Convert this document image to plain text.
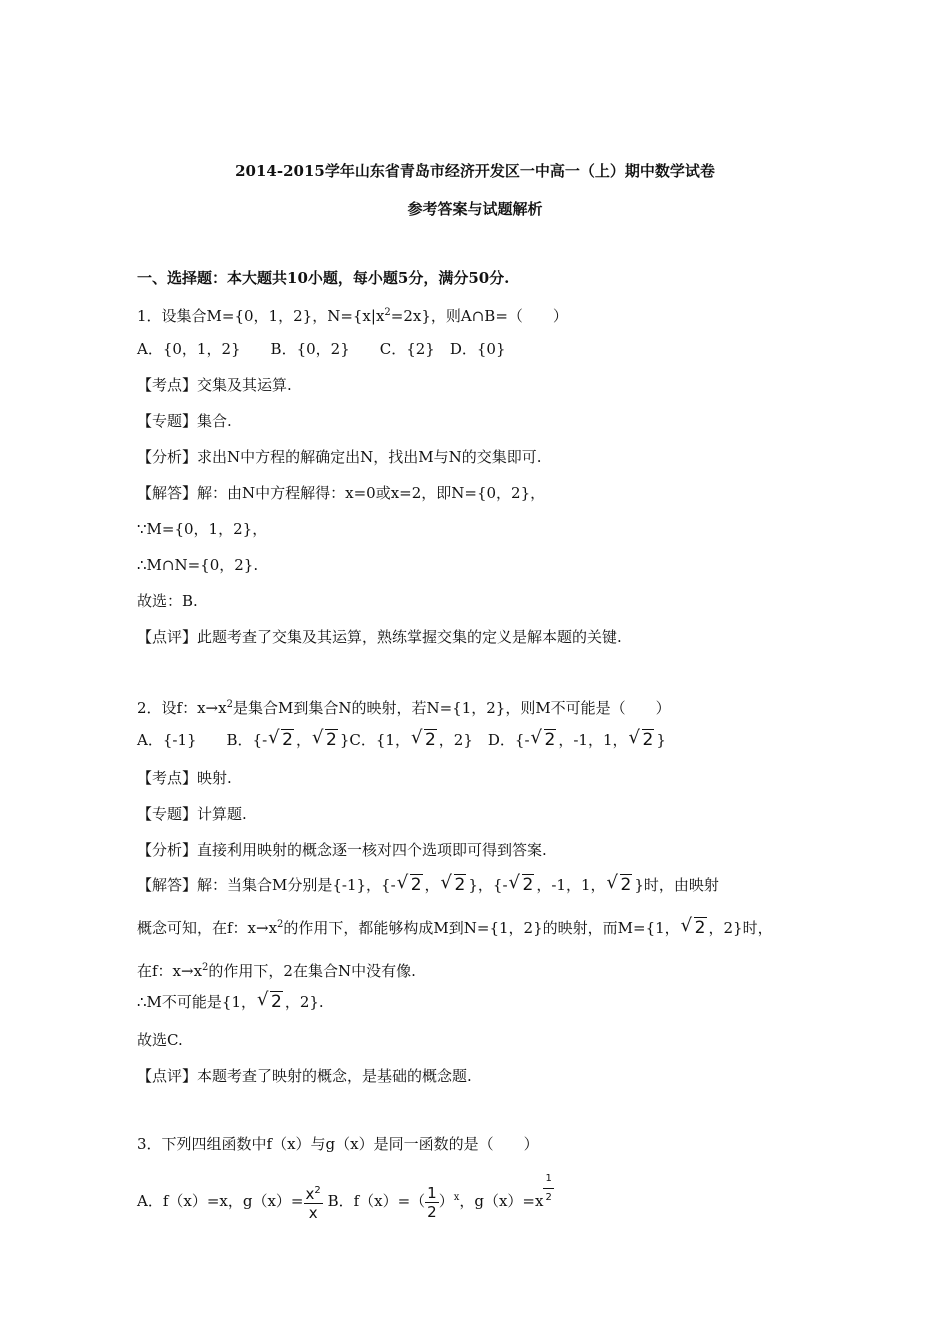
2014-2015学年山东省青岛市经济开发区一中高一（上）期中数学试卷
参考答案与试题解析
一、选择题：本大题共10小题，每小题5分，满分50分.
1．设集合M={0，1，2}，$N=\{x|x^2=2x\}$，则A∩B=（　　）
A．{0，1，2}　　B．{0，2}　　C．{2}　D．{0}
【考点】交集及其运算.
【专题】集合.
【分析】求出N中方程的解确定出N，找出M与N的交集即可.
【解答】解：由N中方程解得：x=0或x=2，即N={0，2}，
∵M={0，1，2}，
∴M∩N={0，2}.
故选：B.
【点评】此题考查了交集及其运算，熟练掌握交集的定义是解本题的关键.
2．设f：$x\to x^2$是集合M到集合N的映射，若N={1，2}，则M不可能是（　　）
A．{-1}　　B．{- √ 2 ， √ 2 }C．{1， √ 2 ，2}　D．{- √ 2 ，-1，1， √ 2 }
【考点】映射.
【专题】计算题.
【分析】直接利用映射的概念逐一核对四个选项即可得到答案.
【解答】解：当集合M分别是{-1}，{- √ 2 ， √ 2 }，{- √ 2 ，-1，1， √ 2 }时，由映射
概念可知，在f：$x\to x^2$的作用下，都能够构成M到N={1，2}的映射，而M={1， √ 2 ，2}时，
在f：$x\to x^2$的作用下，2在集合N中没有像.
∴M不可能是{1， √ 2 ，2}.
故选C.
【点评】本题考查了映射的概念，是基础的概念题.
3．下列四组函数中f（x）与g（x）是同一函数的是（　　）
A．f（x）=x，$g(x)= \frac{x^2}{x}$ B．$f(x)=( \frac{1}{2} )^x$，$g(x)=x \frac{1}{2}$
